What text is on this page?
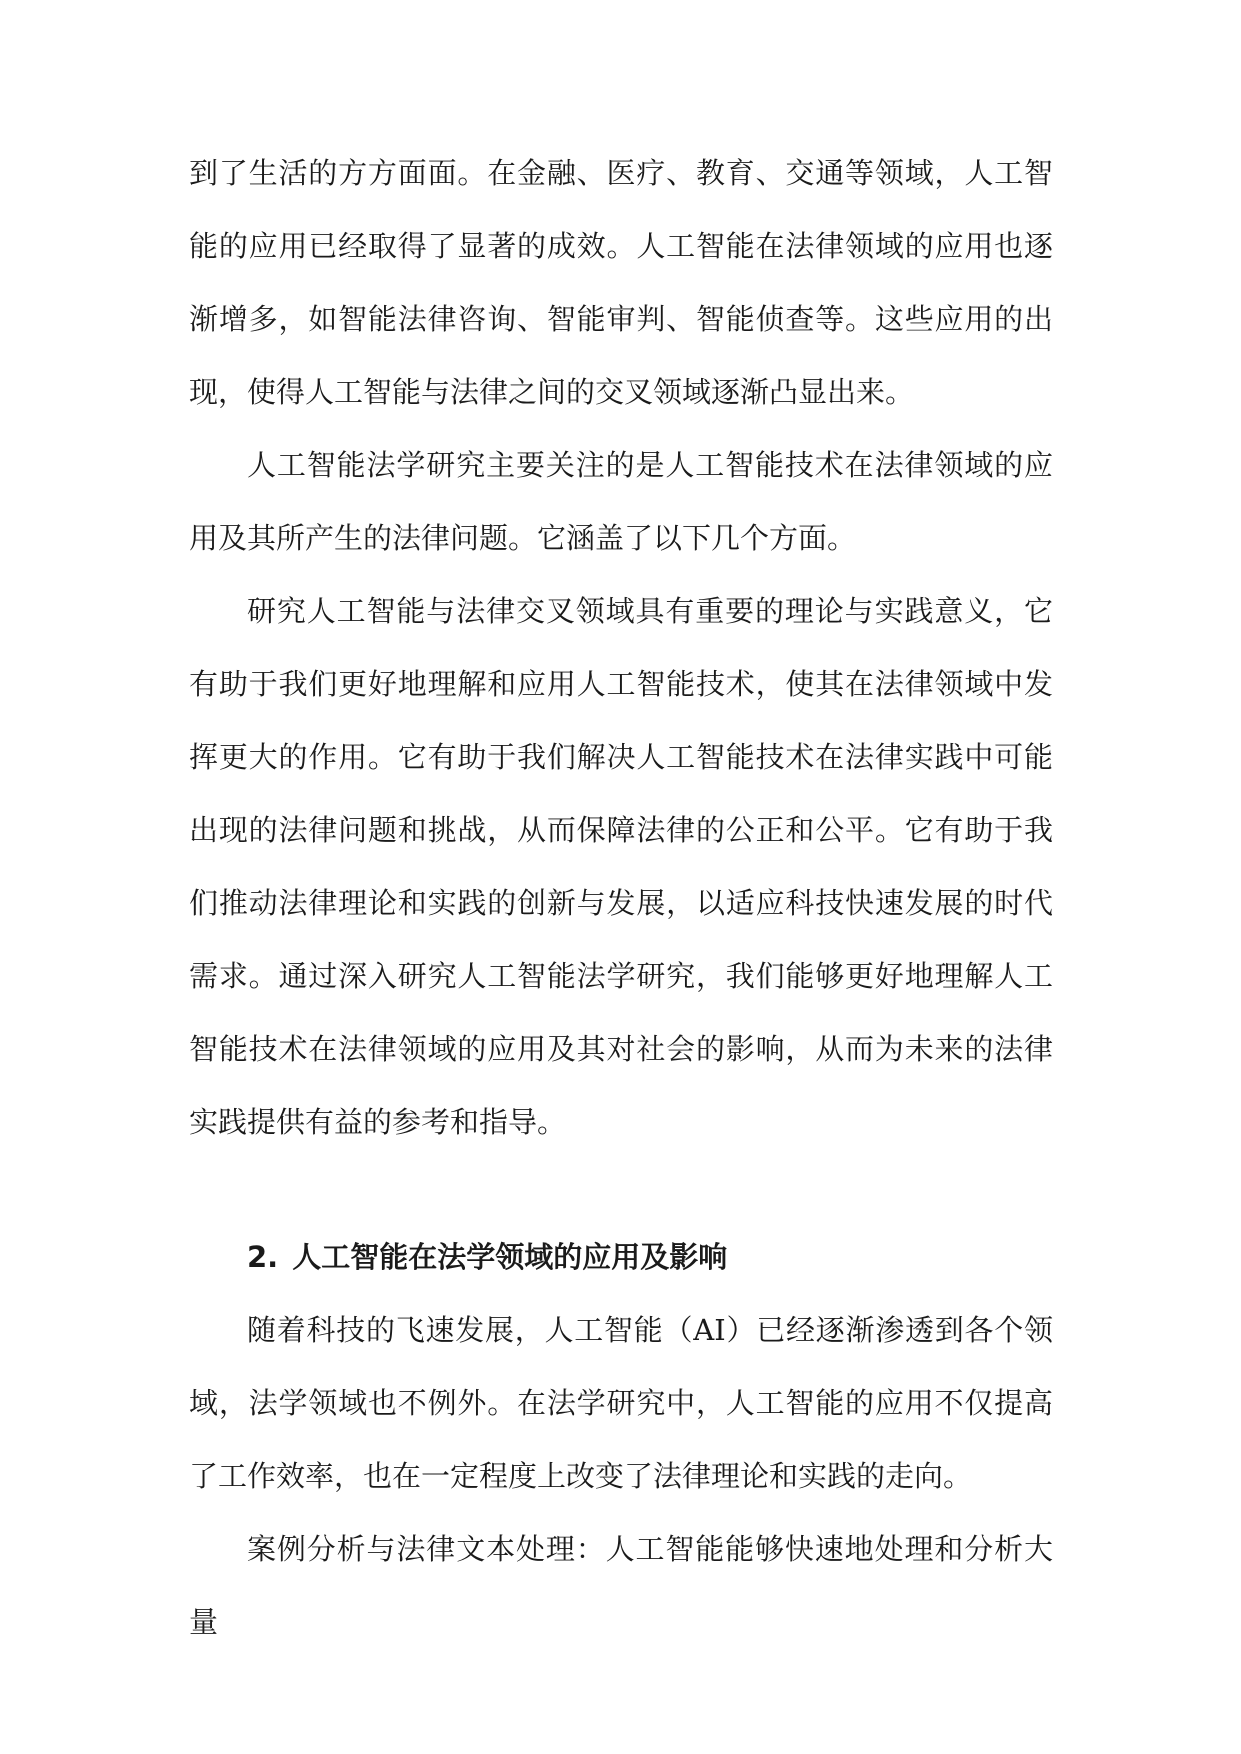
到了生活的方方面面。在金融、医疗、教育、交通等领域，人工智能的应用已经取得了显著的成效。人工智能在法律领域的应用也逐渐增多，如智能法律咨询、智能审判、智能侦查等。这些应用的出现，使得人工智能与法律之间的交叉领域逐渐凸显出来。

人工智能法学研究主要关注的是人工智能技术在法律领域的应用及其所产生的法律问题。它涵盖了以下几个方面。

研究人工智能与法律交叉领域具有重要的理论与实践意义，它有助于我们更好地理解和应用人工智能技术，使其在法律领域中发挥更大的作用。它有助于我们解决人工智能技术在法律实践中可能出现的法律问题和挑战，从而保障法律的公正和公平。它有助于我们推动法律理论和实践的创新与发展，以适应科技快速发展的时代需求。通过深入研究人工智能法学研究，我们能够更好地理解人工智能技术在法律领域的应用及其对社会的影响，从而为未来的法律实践提供有益的参考和指导。

2. 人工智能在法学领域的应用及影响

随着科技的飞速发展，人工智能（AI）已经逐渐渗透到各个领域，法学领域也不例外。在法学研究中，人工智能的应用不仅提高了工作效率，也在一定程度上改变了法律理论和实践的走向。

案例分析与法律文本处理：人工智能能够快速地处理和分析大量
